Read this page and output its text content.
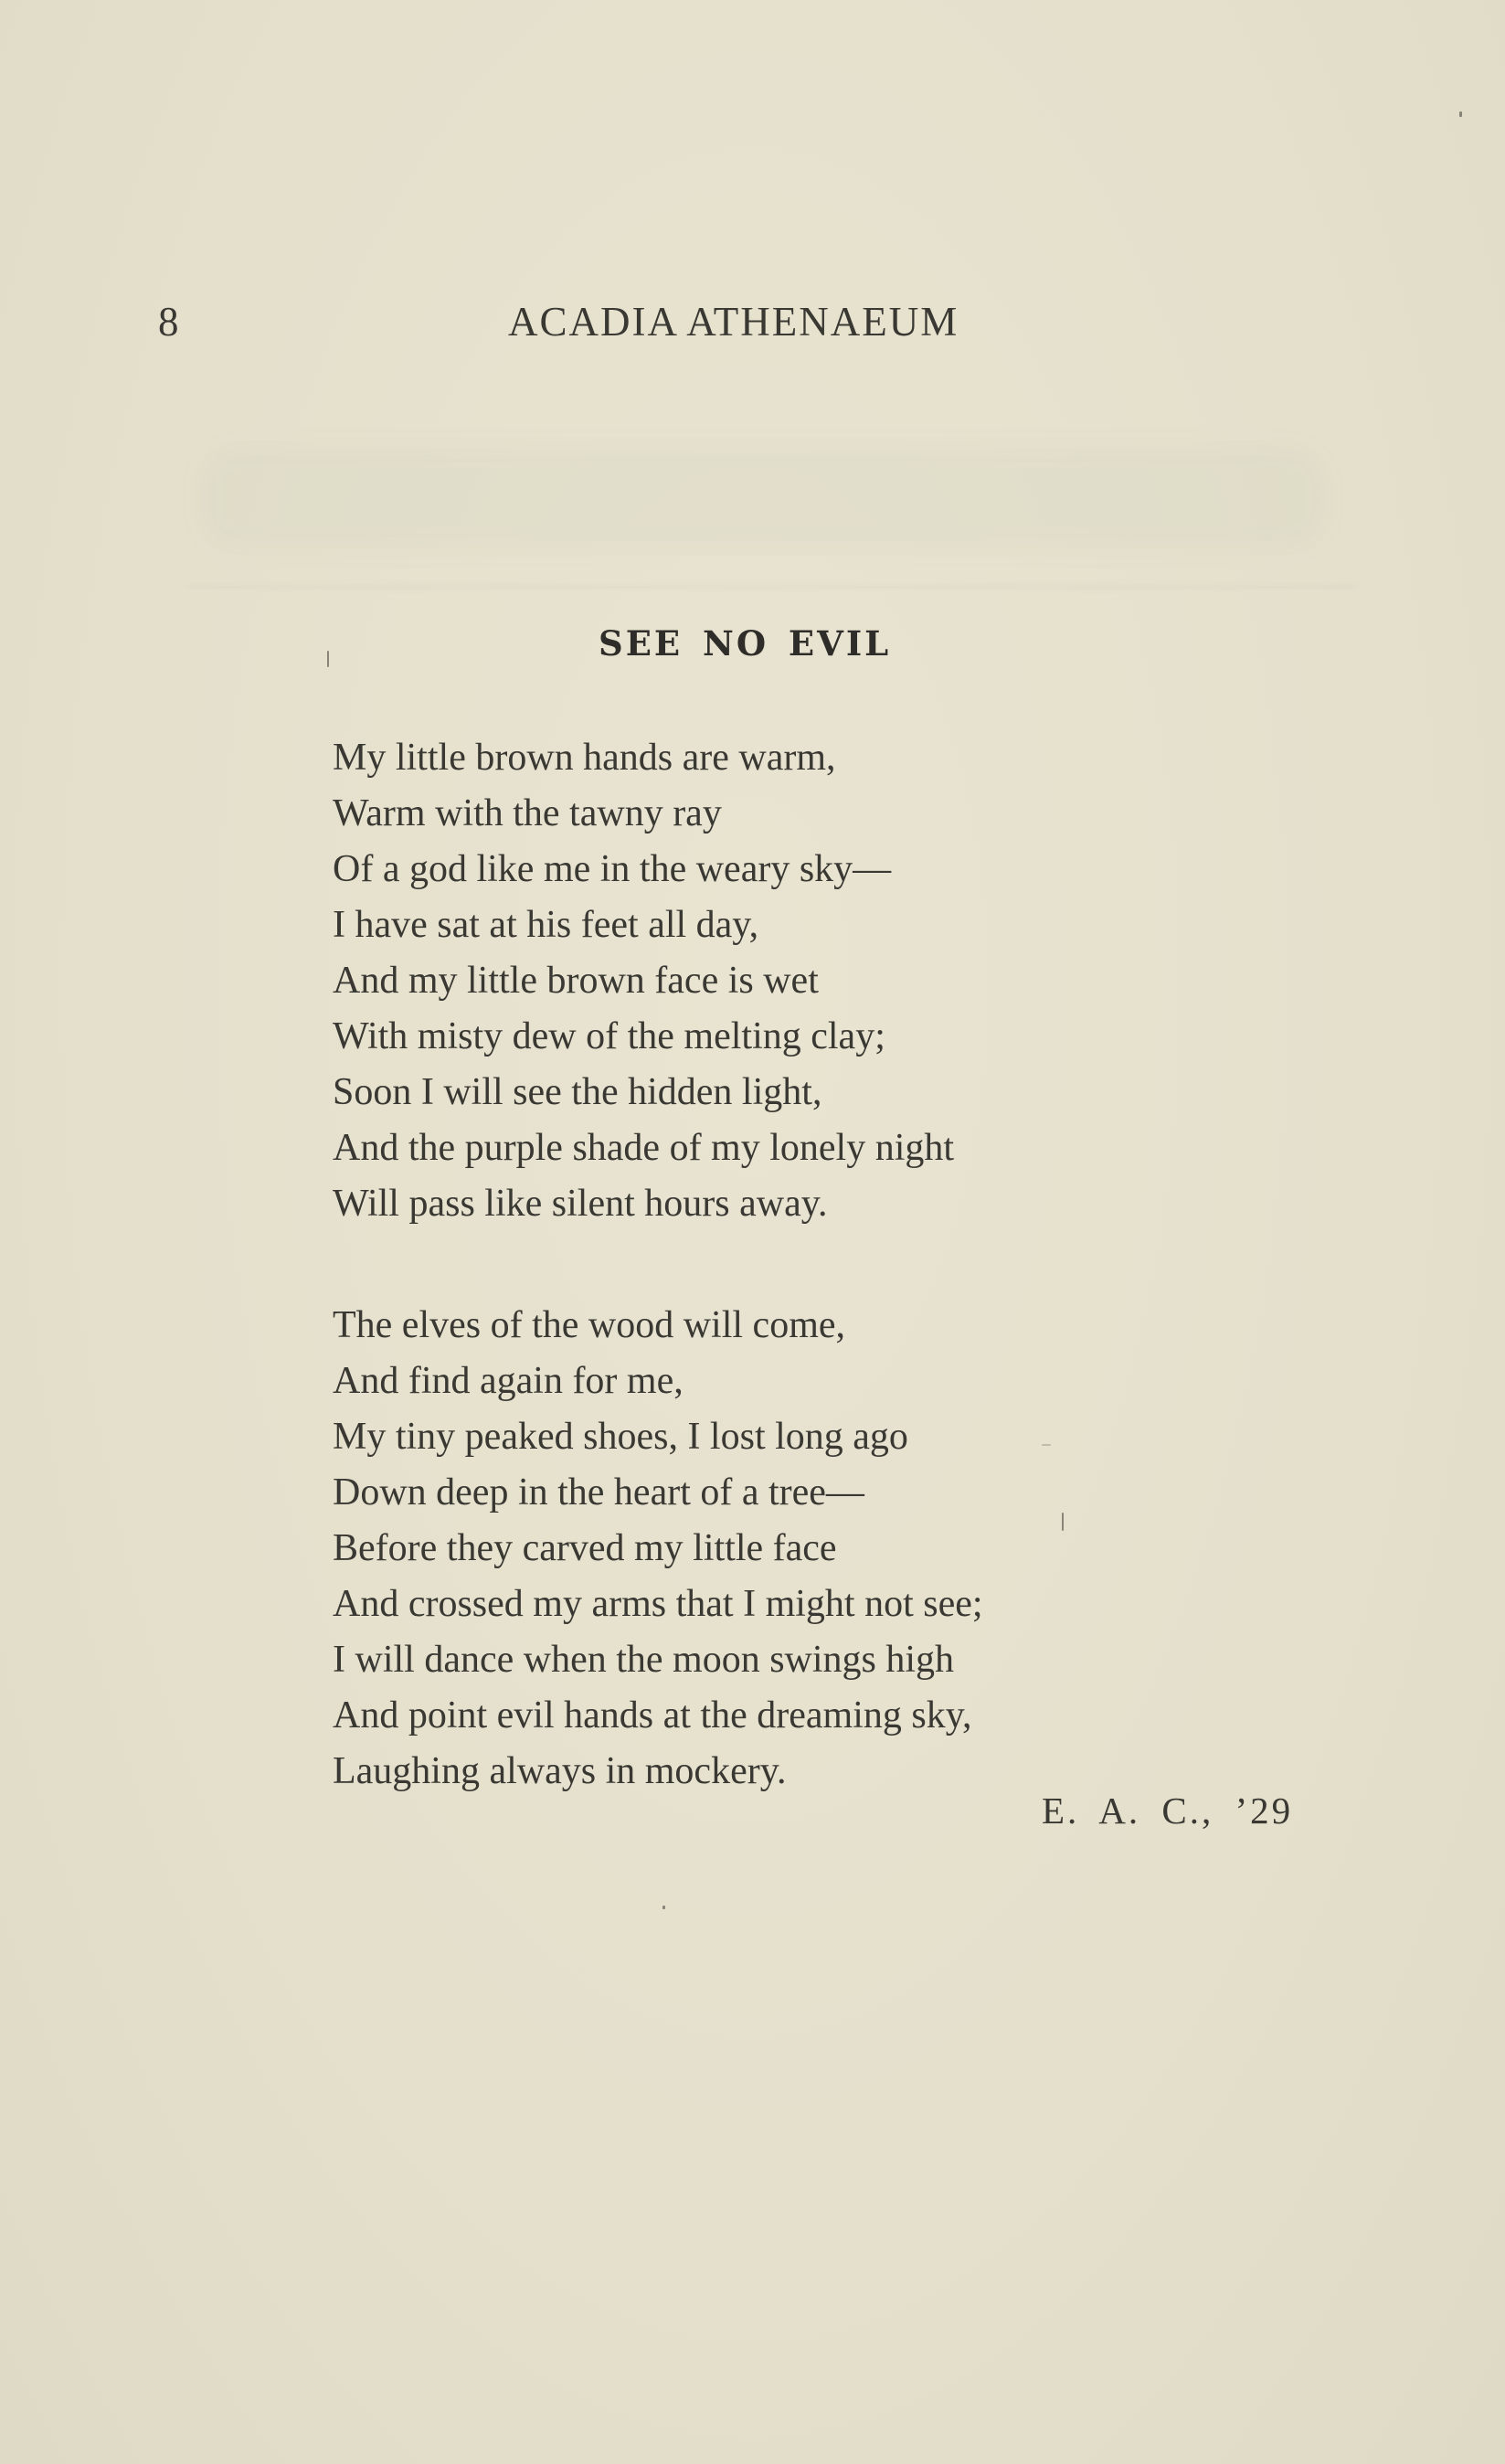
8	ACADIA ATHENAEUM
SEE NO EVIL
My little brown hands are warm,
Warm with the tawny ray
Of a god like me in the weary sky—
I have sat at his feet all day,
And my little brown face is wet
With misty dew of the melting clay;
Soon I will see the hidden light,
And the purple shade of my lonely night
Will pass like silent hours away.
The elves of the wood will come,
And find again for me,
My tiny peaked shoes, I lost long ago
Down deep in the heart of a tree—
Before they carved my little face
And crossed my arms that I might not see;
I will dance when the moon swings high
And point evil hands at the dreaming sky,
Laughing always in mockery.
E. A. C., ’29
